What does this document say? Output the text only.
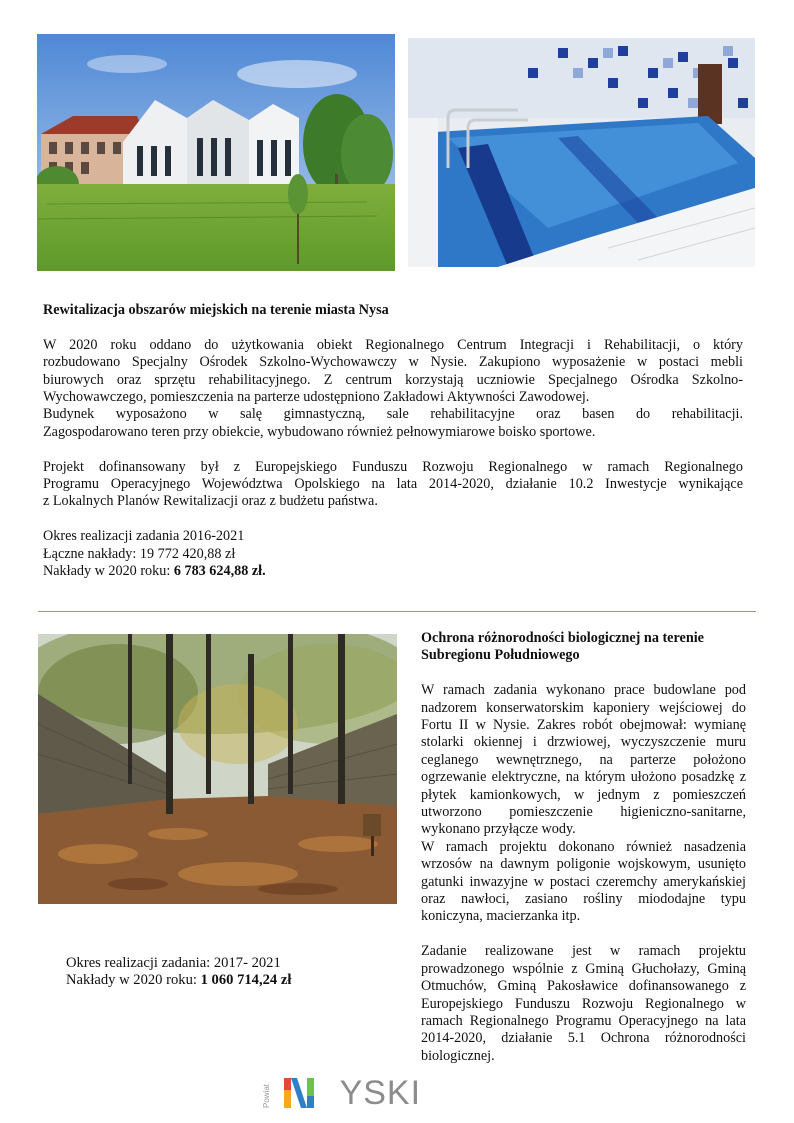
Rewitalizacja obszarów miejskich na terenie miasta Nysa
W 2020 roku oddano do użytkowania obiekt Regionalnego Centrum Integracji i Rehabilitacji, o który
rozbudowano Specjalny Ośrodek Szkolno-Wychowawczy w Nysie. Zakupiono wyposażenie w postaci mebli
biurowych oraz sprzętu rehabilitacyjnego. Z centrum korzystają uczniowie Specjalnego Ośrodka Szkolno-
Wychowawczego, pomieszczenia na parterze udostępniono Zakładowi Aktywności Zawodowej.
Budynek wyposażono w salę gimnastyczną, sale rehabilitacyjne oraz basen do rehabilitacji.
Zagospodarowano teren przy obiekcie, wybudowano również pełnowymiarowe boisko sportowe.
Projekt dofinansowany był z Europejskiego Funduszu Rozwoju Regionalnego w ramach Regionalnego
Programu Operacyjnego Województwa Opolskiego na lata 2014-2020, działanie 10.2 Inwestycje wynikające
z Lokalnych Planów Rewitalizacji oraz z budżetu państwa.
Okres realizacji zadania 2016-2021
Łączne nakłady: 19 772 420,88 zł
Nakłady w 2020 roku: 6 783 624,88 zł.
Ochrona różnorodności biologicznej na terenie
Subregionu Południowego
W ramach zadania wykonano prace budowlane pod nadzorem konserwatorskim kaponiery wejściowej do Fortu II w Nysie. Zakres robót obejmował: wymianę stolarki okiennej i drzwiowej, wyczyszczenie muru ceglanego wewnętrznego, na parterze położono ogrzewanie elektryczne, na którym ułożono posadzkę z płytek kamionkowych, w jednym z pomieszczeń utworzono pomieszczenie higieniczno-sanitarne, wykonano przyłącze wody.
W ramach projektu dokonano również nasadzenia wrzosów na dawnym poligonie wojskowym, usunięto gatunki inwazyjne w postaci czeremchy amerykańskiej oraz nawłoci, zasiano rośliny miododajne typu koniczyna, macierzanka itp.
Zadanie realizowane jest w ramach projektu prowadzonego wspólnie z Gminą Głuchołazy, Gminą Otmuchów, Gminą Pakosławice dofinansowanego z Europejskiego Funduszu Rozwoju Regionalnego w ramach Regionalnego Programu Operacyjnego na lata 2014-2020, działanie 5.1 Ochrona różnorodności biologicznej.
Okres realizacji zadania: 2017- 2021
Nakłady w 2020 roku: 1 060 714,24 zł
Powiat	YSKI
